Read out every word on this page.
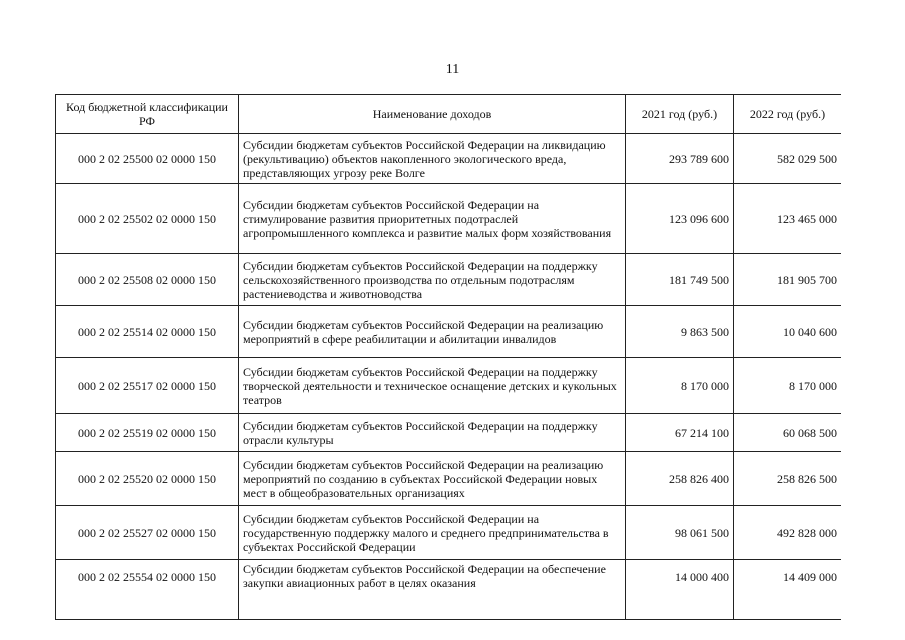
11
Код бюджетной классификации РФ	Наименование доходов	2021 год (руб.)	2022 год (руб.)
000 2 02 25500 02 0000 150	Субсидии бюджетам субъектов Российской Федерации на ликвидацию (рекультивацию) объектов накопленного экологического вреда, представляющих угрозу реке Волге	293 789 600	582 029 500
000 2 02 25502 02 0000 150	Субсидии бюджетам субъектов Российской Федерации на стимулирование развития приоритетных подотраслей агропромышленного комплекса и развитие малых форм хозяйствования	123 096 600	123 465 000
000 2 02 25508 02 0000 150	Субсидии бюджетам субъектов Российской Федерации на поддержку сельскохозяйственного производства по отдельным подотраслям растениеводства и животноводства	181 749 500	181 905 700
000 2 02 25514 02 0000 150	Субсидии бюджетам субъектов Российской Федерации на реализацию мероприятий в сфере реабилитации и абилитации инвалидов	9 863 500	10 040 600
000 2 02 25517 02 0000 150	Субсидии бюджетам субъектов Российской Федерации на поддержку творческой деятельности и техническое оснащение детских и кукольных театров	8 170 000	8 170 000
000 2 02 25519 02 0000 150	Субсидии бюджетам субъектов Российской Федерации на поддержку отрасли культуры	67 214 100	60 068 500
000 2 02 25520 02 0000 150	Субсидии бюджетам субъектов Российской Федерации на реализацию мероприятий по созданию в субъектах Российской Федерации новых мест в общеобразовательных организациях	258 826 400	258 826 500
000 2 02 25527 02 0000 150	Субсидии бюджетам субъектов Российской Федерации на государственную поддержку малого и среднего предпринимательства в субъектах Российской Федерации	98 061 500	492 828 000
000 2 02 25554 02 0000 150	Субсидии бюджетам субъектов Российской Федерации на обеспечение закупки авиационных работ в целях оказания	14 000 400	14 409 000
